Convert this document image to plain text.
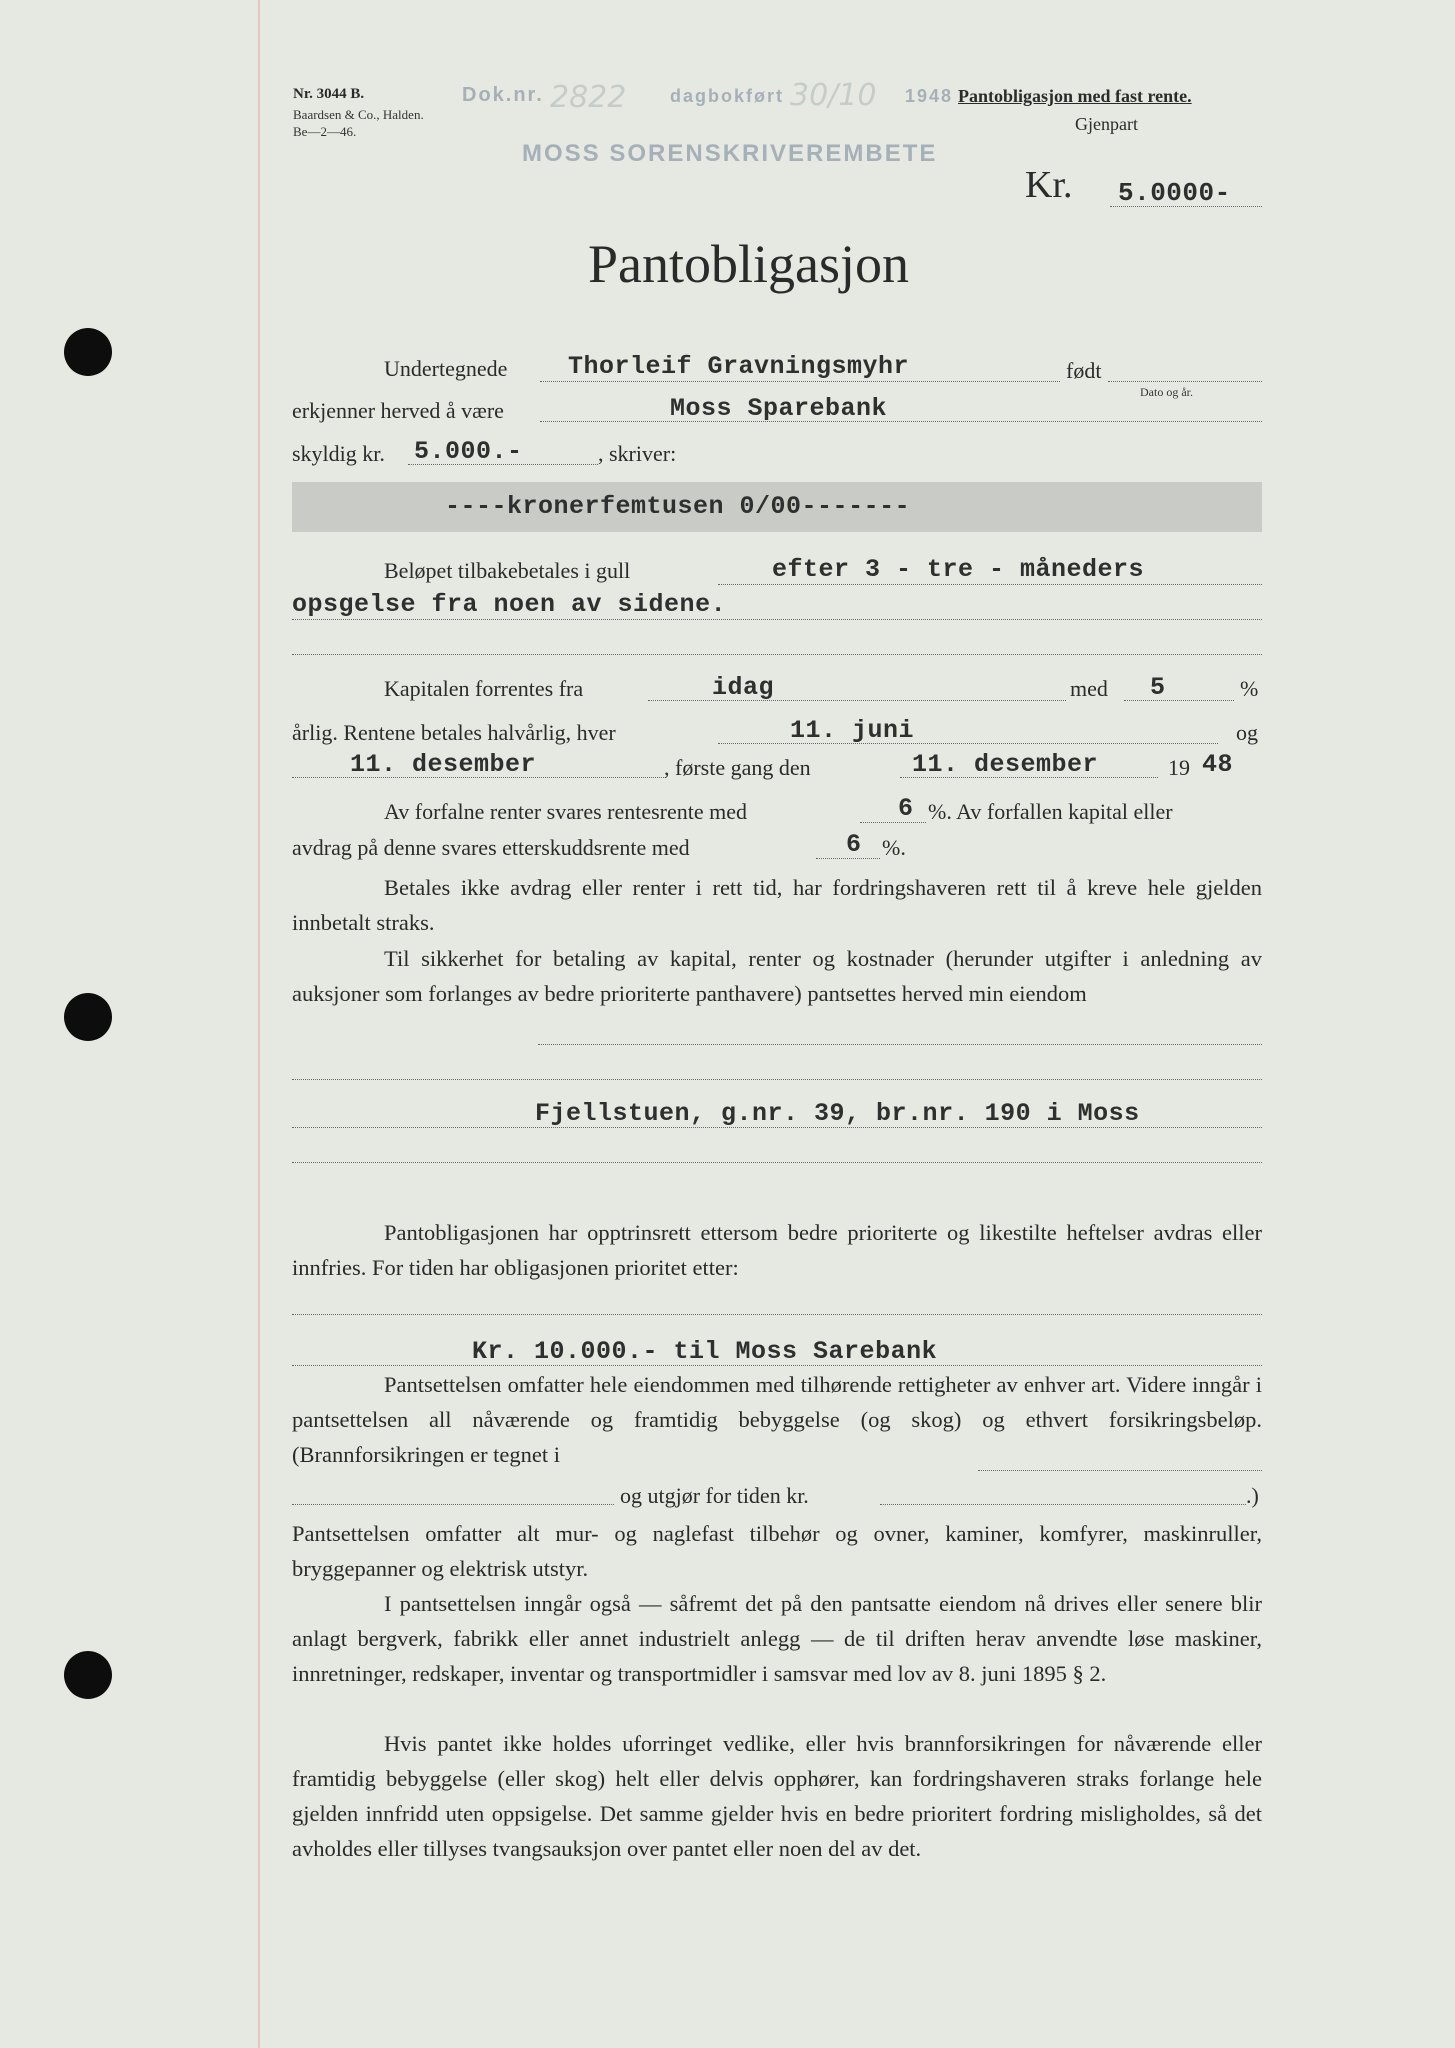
Nr. 3044 B.
Baardsen & Co., Halden.
Be—2—46.
Dok.nr. 2822 dagbokført 30/10 1948
MOSS SORENSKRIVEREMBETE
Pantobligasjon med fast rente.
Gjenpart
Kr. 5.0000-
Pantobligasjon
Undertegnede Thorleif Gravningsmyhr	født
Dato og år.
erkjenner herved å være	Moss Sparebank
skyldig kr. 5.000.-	, skriver:
----kronerfemtusen 0/00-------
Beløpet tilbakebetales i gull	efter 3 - tre - måneders
opsgelse fra noen av sidene.
Kapitalen forrentes fra	idag	med 5	%
årlig. Rentene betales halvårlig, hver	11. juni	og
11. desember	, første gang den	11. desember	19 48
Av forfalne renter svares rentesrente med	6 %. Av forfallen kapital eller
avdrag på denne svares etterskuddsrente med	6 %.

Betales ikke avdrag eller renter i rett tid, har fordringshaveren rett til å kreve hele gjelden innbetalt straks.

Til sikkerhet for betaling av kapital, renter og kostnader (herunder utgifter i anledning av auksjoner som forlanges av bedre prioriterte panthavere) pantsettes herved min eiendom

Fjellstuen, g.nr. 39, br.nr. 190 i Moss

Pantobligasjonen har opptrinsrett ettersom bedre prioriterte og likestilte heftelser avdras eller innfries. For tiden har obligasjonen prioritet etter:

Kr. 10.000.- til Moss Sarebank

Pantsettelsen omfatter hele eiendommen med tilhørende rettigheter av enhver art. Videre inngår i pantsettelsen all nåværende og framtidig bebyggelse (og skog) og ethvert forsikringsbeløp. (Brannforsikringen er tegnet i

og utgjør for tiden kr.	.)

Pantsettelsen omfatter alt mur- og naglefast tilbehør og ovner, kaminer, komfyrer, maskinruller, bryggepanner og elektrisk utstyr.

I pantsettelsen inngår også — såfremt det på den pantsatte eiendom nå drives eller senere blir anlagt bergverk, fabrikk eller annet industrielt anlegg — de til driften herav anvendte løse maskiner, innretninger, redskaper, inventar og transportmidler i samsvar med lov av 8. juni 1895 § 2.

Hvis pantet ikke holdes uforringet vedlike, eller hvis brannforsikringen for nåværende eller framtidig bebyggelse (eller skog) helt eller delvis opphører, kan fordringshaveren straks forlange hele gjelden innfridd uten oppsigelse. Det samme gjelder hvis en bedre prioritert fordring misligholdes, så det avholdes eller tillyses tvangsauksjon over pantet eller noen del av det.
